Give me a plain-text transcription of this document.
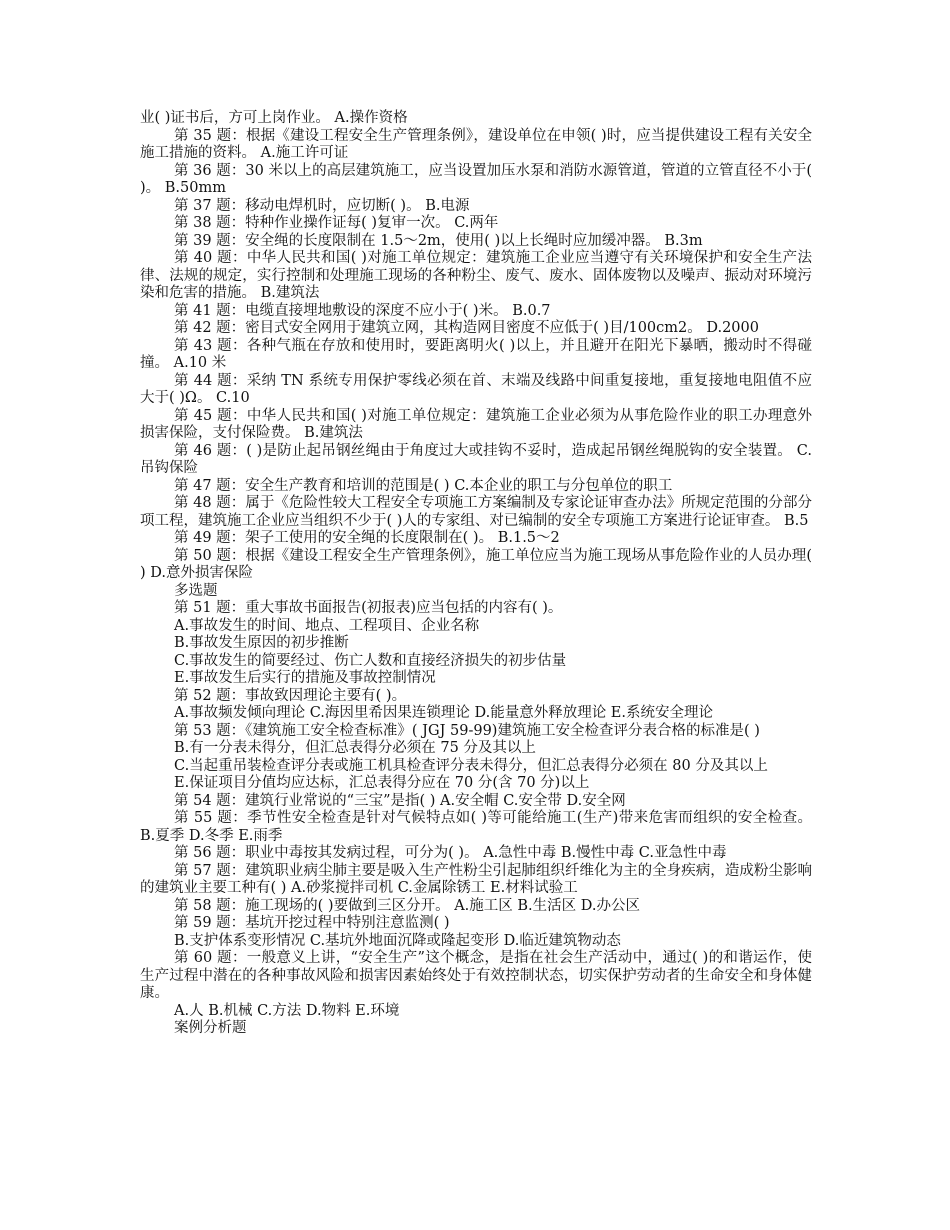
业( )证书后，方可上岗作业。 A.操作资格

第 35 题：根据《建设工程安全生产管理条例》，建设单位在申领( )时，应当提供建设工程有关安全施工措施的资料。 A.施工许可证

第 36 题：30 米以上的高层建筑施工，应当设置加压水泵和消防水源管道，管道的立管直径不小于( )。 B.50mm

第 37 题：移动电焊机时，应切断( )。 B.电源

第 38 题：特种作业操作证每( )复审一次。 C.两年

第 39 题：安全绳的长度限制在 1.5～2m，使用( )以上长绳时应加缓冲器。 B.3m

第 40 题：中华人民共和国( )对施工单位规定：建筑施工企业应当遵守有关环境保护和安全生产法律、法规的规定，实行控制和处理施工现场的各种粉尘、废气、废水、固体废物以及噪声、振动对环境污染和危害的措施。 B.建筑法

第 41 题：电缆直接埋地敷设的深度不应小于( )米。 B.0.7

第 42 题：密目式安全网用于建筑立网，其构造网目密度不应低于( )目/100cm2。 D.2000

第 43 题：各种气瓶在存放和使用时，要距离明火( )以上，并且避开在阳光下暴晒，搬动时不得碰撞。 A.10 米

第 44 题：采纳 TN 系统专用保护零线必须在首、末端及线路中间重复接地，重复接地电阻值不应大于( )Ω。 C.10

第 45 题：中华人民共和国( )对施工单位规定：建筑施工企业必须为从事危险作业的职工办理意外损害保险，支付保险费。 B.建筑法

第 46 题：( )是防止起吊钢丝绳由于角度过大或挂钩不妥时，造成起吊钢丝绳脱钩的安全装置。 C.吊钩保险

第 47 题：安全生产教育和培训的范围是( ) C.本企业的职工与分包单位的职工

第 48 题：属于《危险性较大工程安全专项施工方案编制及专家论证审查办法》所规定范围的分部分项工程，建筑施工企业应当组织不少于( )人的专家组、对已编制的安全专项施工方案进行论证审查。 B.5

第 49 题：架子工使用的安全绳的长度限制在( )。 B.1.5～2

第 50 题：根据《建设工程安全生产管理条例》，施工单位应当为施工现场从事危险作业的人员办理( ) D.意外损害保险

多选题

第 51 题：重大事故书面报告(初报表)应当包括的内容有( )。

A.事故发生的时间、地点、工程项目、企业名称

B.事故发生原因的初步推断

C.事故发生的简要经过、伤亡人数和直接经济损失的初步估量

E.事故发生后实行的措施及事故控制情况

第 52 题：事故致因理论主要有( )。

A.事故频发倾向理论 C.海因里希因果连锁理论 D.能量意外释放理论 E.系统安全理论

第 53 题：《建筑施工安全检查标准》( JGJ 59-99)建筑施工安全检查评分表合格的标准是( )

B.有一分表未得分，但汇总表得分必须在 75 分及其以上

C.当起重吊装检查评分表或施工机具检查评分表未得分，但汇总表得分必须在 80 分及其以上

E.保证项目分值均应达标，汇总表得分应在 70 分(含 70 分)以上

第 54 题：建筑行业常说的“三宝”是指( ) A.安全帽 C.安全带 D.安全网

第 55 题：季节性安全检查是针对气候特点如( )等可能给施工(生产)带来危害而组织的安全检查。 B.夏季 D.冬季 E.雨季

第 56 题：职业中毒按其发病过程，可分为( )。 A.急性中毒 B.慢性中毒 C.亚急性中毒

第 57 题：建筑职业病尘肺主要是吸入生产性粉尘引起肺组织纤维化为主的全身疾病，造成粉尘影响的建筑业主要工种有( ) A.砂浆搅拌司机 C.金属除锈工 E.材料试验工

第 58 题：施工现场的( )要做到三区分开。 A.施工区 B.生活区 D.办公区

第 59 题：基坑开挖过程中特别注意监测( )

B.支护体系变形情况 C.基坑外地面沉降或隆起变形 D.临近建筑物动态

第 60 题：一般意义上讲，“安全生产”这个概念，是指在社会生产活动中，通过( )的和谐运作，使生产过程中潜在的各种事故风险和损害因素始终处于有效控制状态，切实保护劳动者的生命安全和身体健康。

A.人 B.机械 C.方法 D.物料 E.环境

案例分析题
